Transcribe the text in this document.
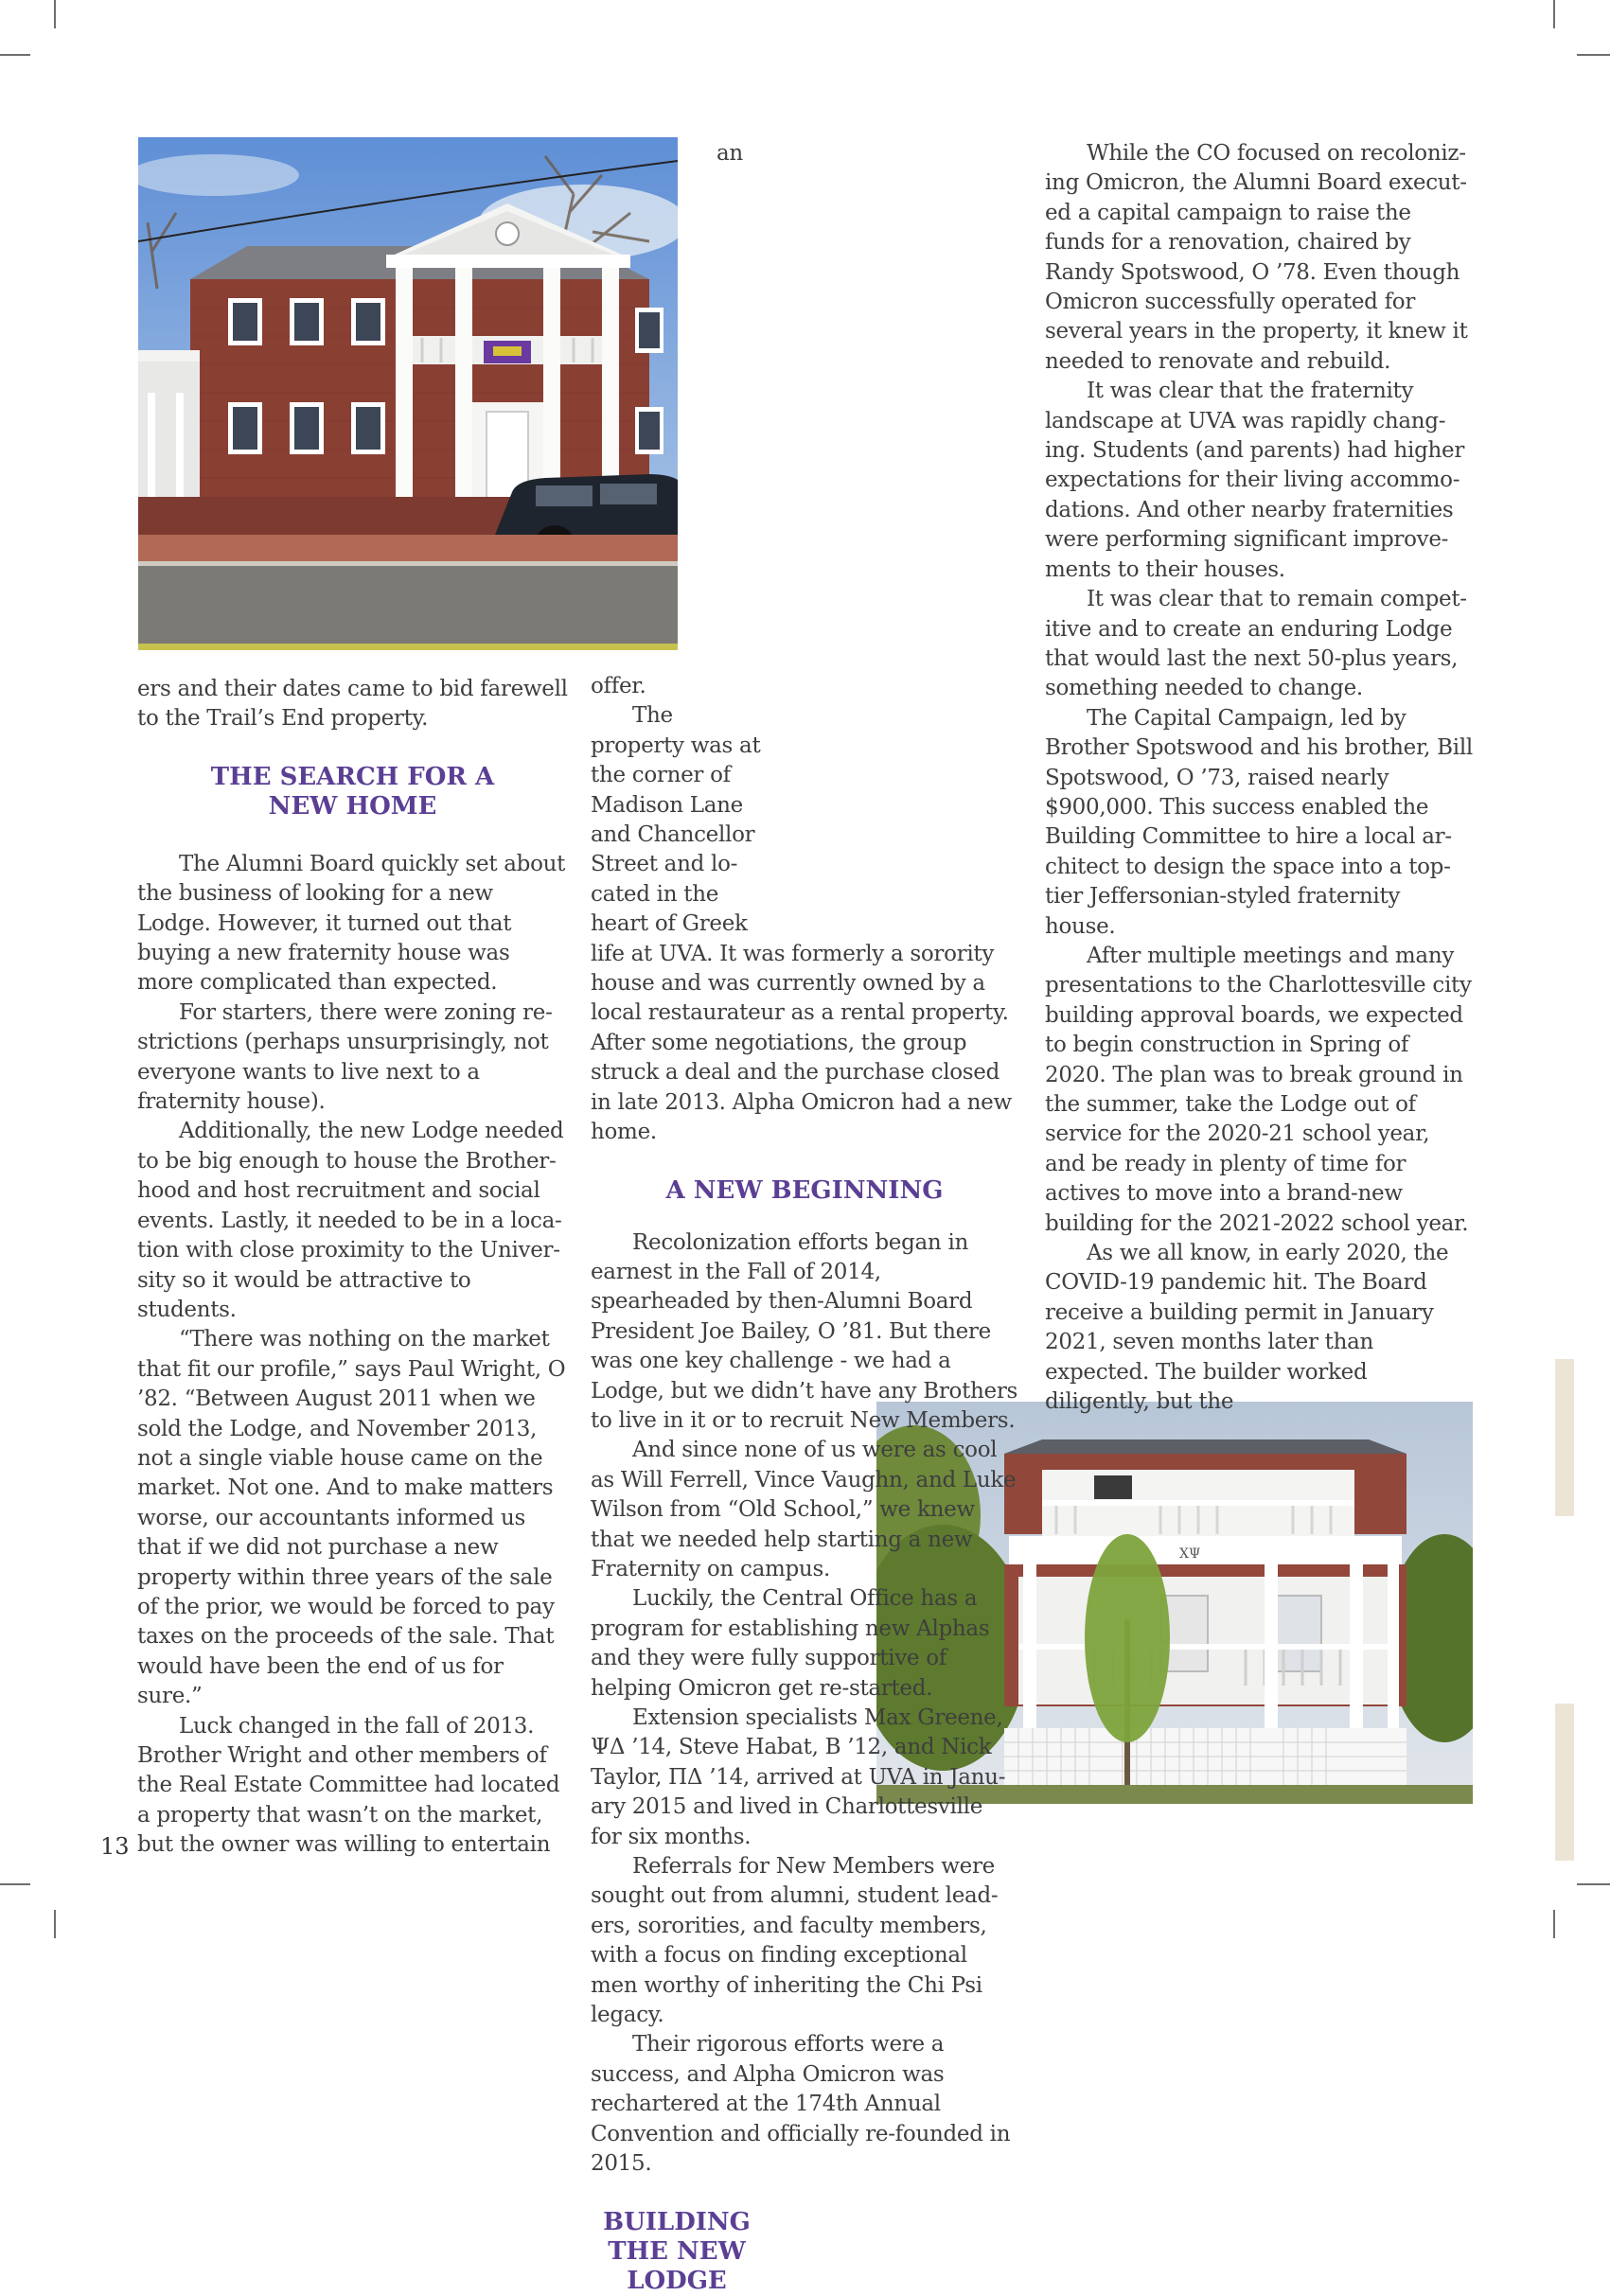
ΧΨ

ers and their dates came to bid farewell to the Trail’s End property.

THE SEARCH FOR A NEW HOME

The Alumni Board quickly set about the business of looking for a new Lodge. However, it turned out that buying a new fraternity house was more complicated than expected.

For starters, there were zoning restrictions (perhaps unsurprisingly, not everyone wants to live next to a fraternity house).

Additionally, the new Lodge needed to be big enough to house the Brotherhood and host recruitment and social events. Lastly, it needed to be in a location with close proximity to the University so it would be attractive to students.

“There was nothing on the market that fit our profile,” says Paul Wright, O ’82. “Between August 2011 when we sold the Lodge, and November 2013, not a single viable house came on the market. Not one. And to make matters worse, our accountants informed us that if we did not purchase a new property within three years of the sale of the prior, we would be forced to pay taxes on the proceeds of the sale. That would have been the end of us for sure.”

Luck changed in the fall of 2013. Brother Wright and other members of the Real Estate Committee had located a property that wasn’t on the market, but the owner was willing to entertain

an offer.

The property was at the corner of Madison Lane and Chancellor Street and located in the heart of Greek life at UVA. It was formerly a sorority house and was currently owned by a local restaurateur as a rental property. After some negotiations, the group struck a deal and the purchase closed in late 2013. Alpha Omicron had a new home.

A NEW BEGINNING

Recolonization efforts began in earnest in the Fall of 2014, spearheaded by then-Alumni Board President Joe Bailey, O ’81. But there was one key challenge - we had a Lodge, but we didn’t have any Brothers to live in it or to recruit New Members.

And since none of us were as cool as Will Ferrell, Vince Vaughn, and Luke Wilson from “Old School,” we knew that we needed help starting a new Fraternity on campus.

Luckily, the Central Office has a program for establishing new Alphas and they were fully supportive of helping Omicron get re-started.

Extension specialists Max Greene, ΨΔ ’14, Steve Habat, B ’12, and Nick Taylor, ΠΔ ’14, arrived at UVA in January 2015 and lived in Charlottesville for six months.

Referrals for New Members were sought out from alumni, student leaders, sororities, and faculty members, with a focus on finding exceptional men worthy of inheriting the Chi Psi legacy.

Their rigorous efforts were a success, and Alpha Omicron was rechartered at the 174th Annual Convention and officially re-founded in 2015.

BUILDING THE NEW LODGE

While the CO focused on recolonizing Omicron, the Alumni Board executed a capital campaign to raise the funds for a renovation, chaired by Randy Spotswood, O ’78. Even though Omicron successfully operated for several years in the property, it knew it needed to renovate and rebuild.

It was clear that the fraternity landscape at UVA was rapidly changing. Students (and parents) had higher expectations for their living accommodations. And other nearby fraternities were performing significant improvements to their houses.

It was clear that to remain competitive and to create an enduring Lodge that would last the next 50-plus years, something needed to change.

The Capital Campaign, led by Brother Spotswood and his brother, Bill Spotswood, O ’73, raised nearly $900,000. This success enabled the Building Committee to hire a local architect to design the space into a top-tier Jeffersonian-styled fraternity house.

After multiple meetings and many presentations to the Charlottesville city building approval boards, we expected to begin construction in Spring of 2020. The plan was to break ground in the summer, take the Lodge out of service for the 2020-21 school year, and be ready in plenty of time for actives to move into a brand-new building for the 2021-2022 school year.

As we all know, in early 2020, the COVID-19 pandemic hit. The Board receive a building permit in January 2021, seven months later than expected. The builder worked diligently, but the

13
